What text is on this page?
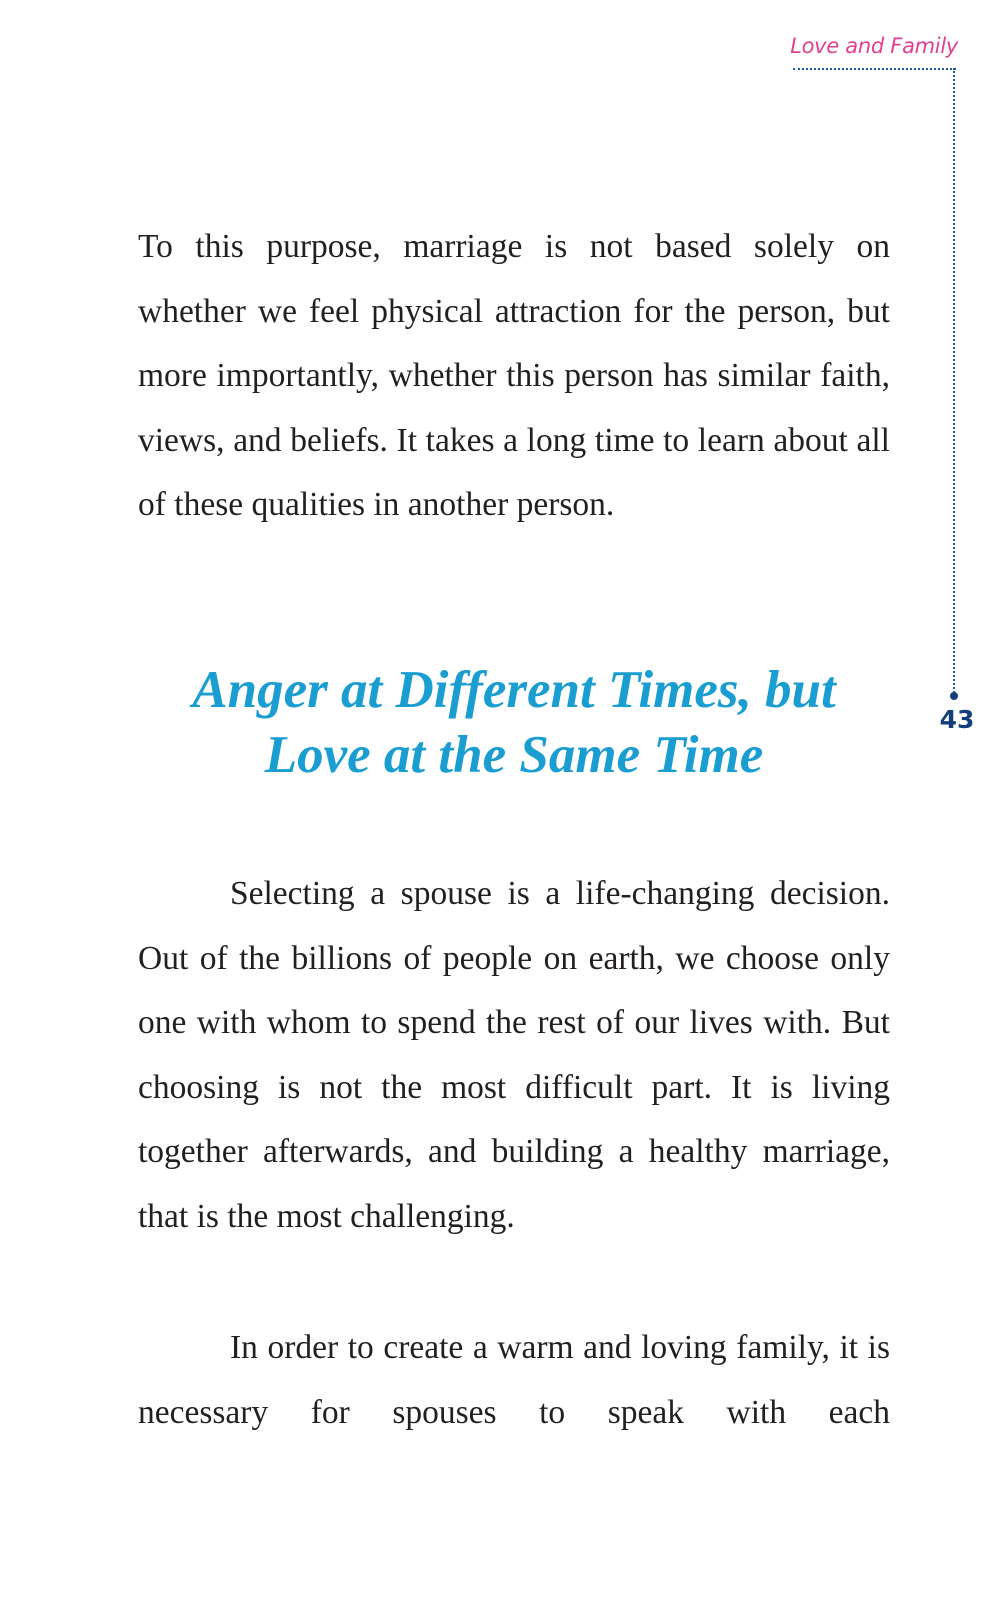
Love and Family
43

To this purpose, marriage is not based solely on whether we feel physical attraction for the person, but more importantly, whether this person has similar faith, views, and beliefs. It takes a long time to learn about all of these qualities in another person.

Anger at Different Times, but
Love at the Same Time

Selecting a spouse is a life-changing decision. Out of the billions of people on earth, we choose only one with whom to spend the rest of our lives with. But choosing is not the most difficult part. It is living together afterwards, and building a healthy marriage, that is the most challenging.

In order to create a warm and loving family, it is necessary for spouses to speak with each
